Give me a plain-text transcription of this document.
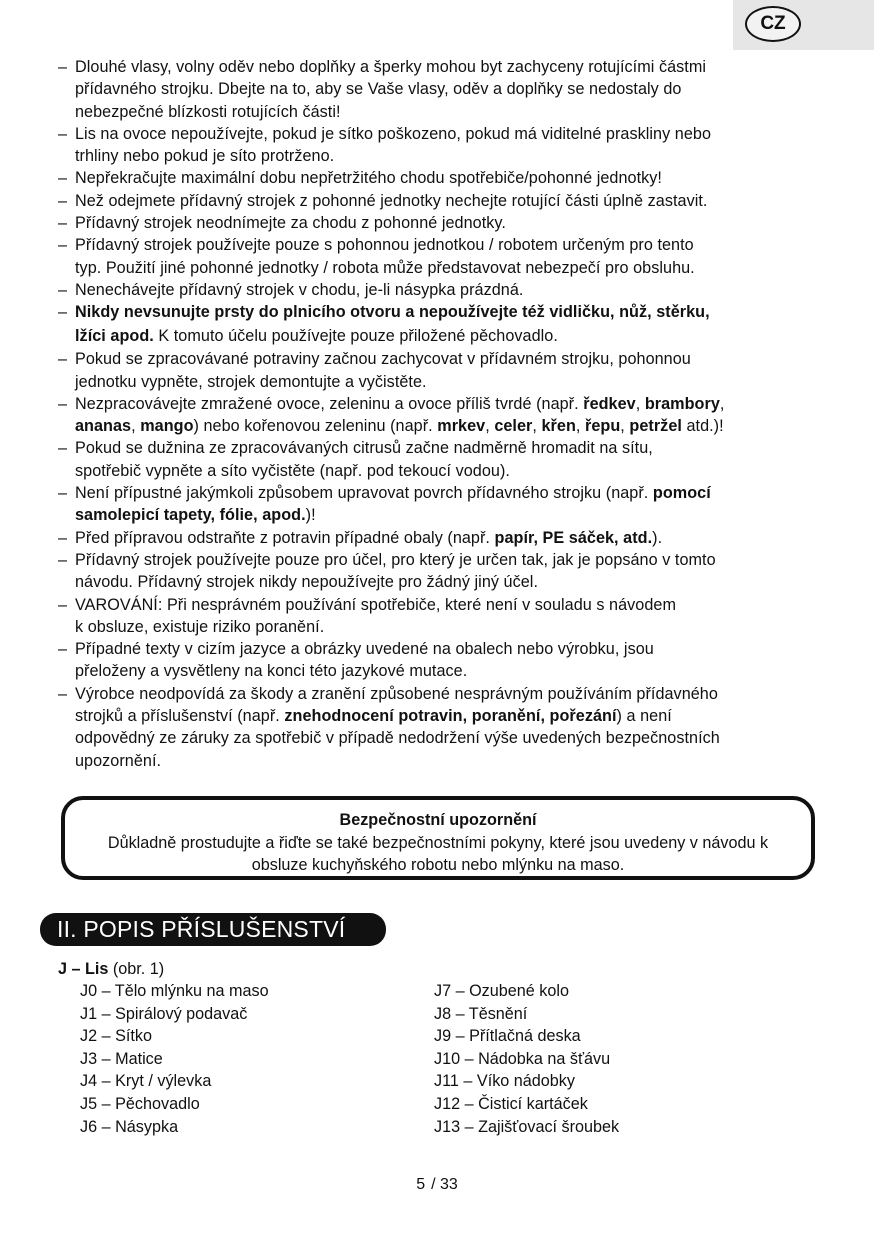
CZ
– Dlouhé vlasy, volny oděv nebo doplňky a šperky mohou byt zachyceny rotujícími částmi
přídavného strojku. Dbejte na to, aby se Vaše vlasy, oděv a doplňky se nedostaly do
nebezpečné blízkosti rotujících části!
– Lis na ovoce nepoužívejte, pokud je sítko poškozeno, pokud má viditelné praskliny nebo
trhliny nebo pokud je síto protrženo.
– Nepřekračujte maximální dobu nepřetržitého chodu spotřebiče/pohonné jednotky!
– Než odejmete přídavný strojek z pohonné jednotky nechejte rotující části úplně zastavit.
– Přídavný strojek neodnímejte za chodu z pohonné jednotky.
– Přídavný strojek používejte pouze s pohonnou jednotkou / robotem určeným pro tento
typ. Použití jiné pohonné jednotky / robota může představovat nebezpečí pro obsluhu.
– Nenechávejte přídavný strojek v chodu, je-li násypka prázdná.
– Nikdy nevsunujte prsty do plnicího otvoru a nepoužívejte též vidličku, nůž, stěrku,
lžíci apod. K tomuto účelu používejte pouze přiložené pěchovadlo.
– Pokud se zpracovávané potraviny začnou zachycovat v přídavném strojku, pohonnou
jednotku vypněte, strojek demontujte a vyčistěte.
– Nezpracovávejte zmražené ovoce, zeleninu a ovoce příliš tvrdé (např. ředkev, brambory,
ananas, mango) nebo kořenovou zeleninu (např. mrkev, celer, křen, řepu, petržel atd.)!
– Pokud se dužnina ze zpracovávaných citrusů začne nadměrně hromadit na sítu,
spotřebič vypněte a síto vyčistěte (např. pod tekoucí vodou).
– Není přípustné jakýmkoli způsobem upravovat povrch přídavného strojku (např. pomocí
samolepicí tapety, fólie, apod.)!
– Před přípravou odstraňte z potravin případné obaly (např. papír, PE sáček, atd.).
– Přídavný strojek používejte pouze pro účel, pro který je určen tak, jak je popsáno v tomto
návodu. Přídavný strojek nikdy nepoužívejte pro žádný jiný účel.
– VAROVÁNÍ: Při nesprávném používání spotřebiče, které není v souladu s návodem
k obsluze, existuje riziko poranění.
– Případné texty v cizím jazyce a obrázky uvedené na obalech nebo výrobku, jsou
přeloženy a vysvětleny na konci této jazykové mutace.
– Výrobce neodpovídá za škody a zranění způsobené nesprávným používáním přídavného
strojků a příslušenství (např. znehodnocení potravin, poranění, pořezání) a není
odpovědný ze záruky za spotřebič v případě nedodržení výše uvedených bezpečnostních
upozornění.
Bezpečnostní upozornění
Důkladně prostudujte a řiďte se také bezpečnostními pokyny, které jsou uvedeny v návodu k obsluze kuchyňského robotu nebo mlýnku na maso.
II. POPIS PŘÍSLUŠENSTVÍ
J – Lis (obr. 1)
J0 – Tělo mlýnku na maso
J1 – Spirálový podavač
J2 – Sítko
J3 – Matice
J4 – Kryt / výlevka
J5 – Pěchovadlo
J6 – Násypka
J7 – Ozubené kolo
J8 – Těsnění
J9 – Přítlačná deska
J10 – Nádobka na šťávu
J11 – Víko nádobky
J12 – Čisticí kartáček
J13 – Zajišťovací šroubek
5 / 33
